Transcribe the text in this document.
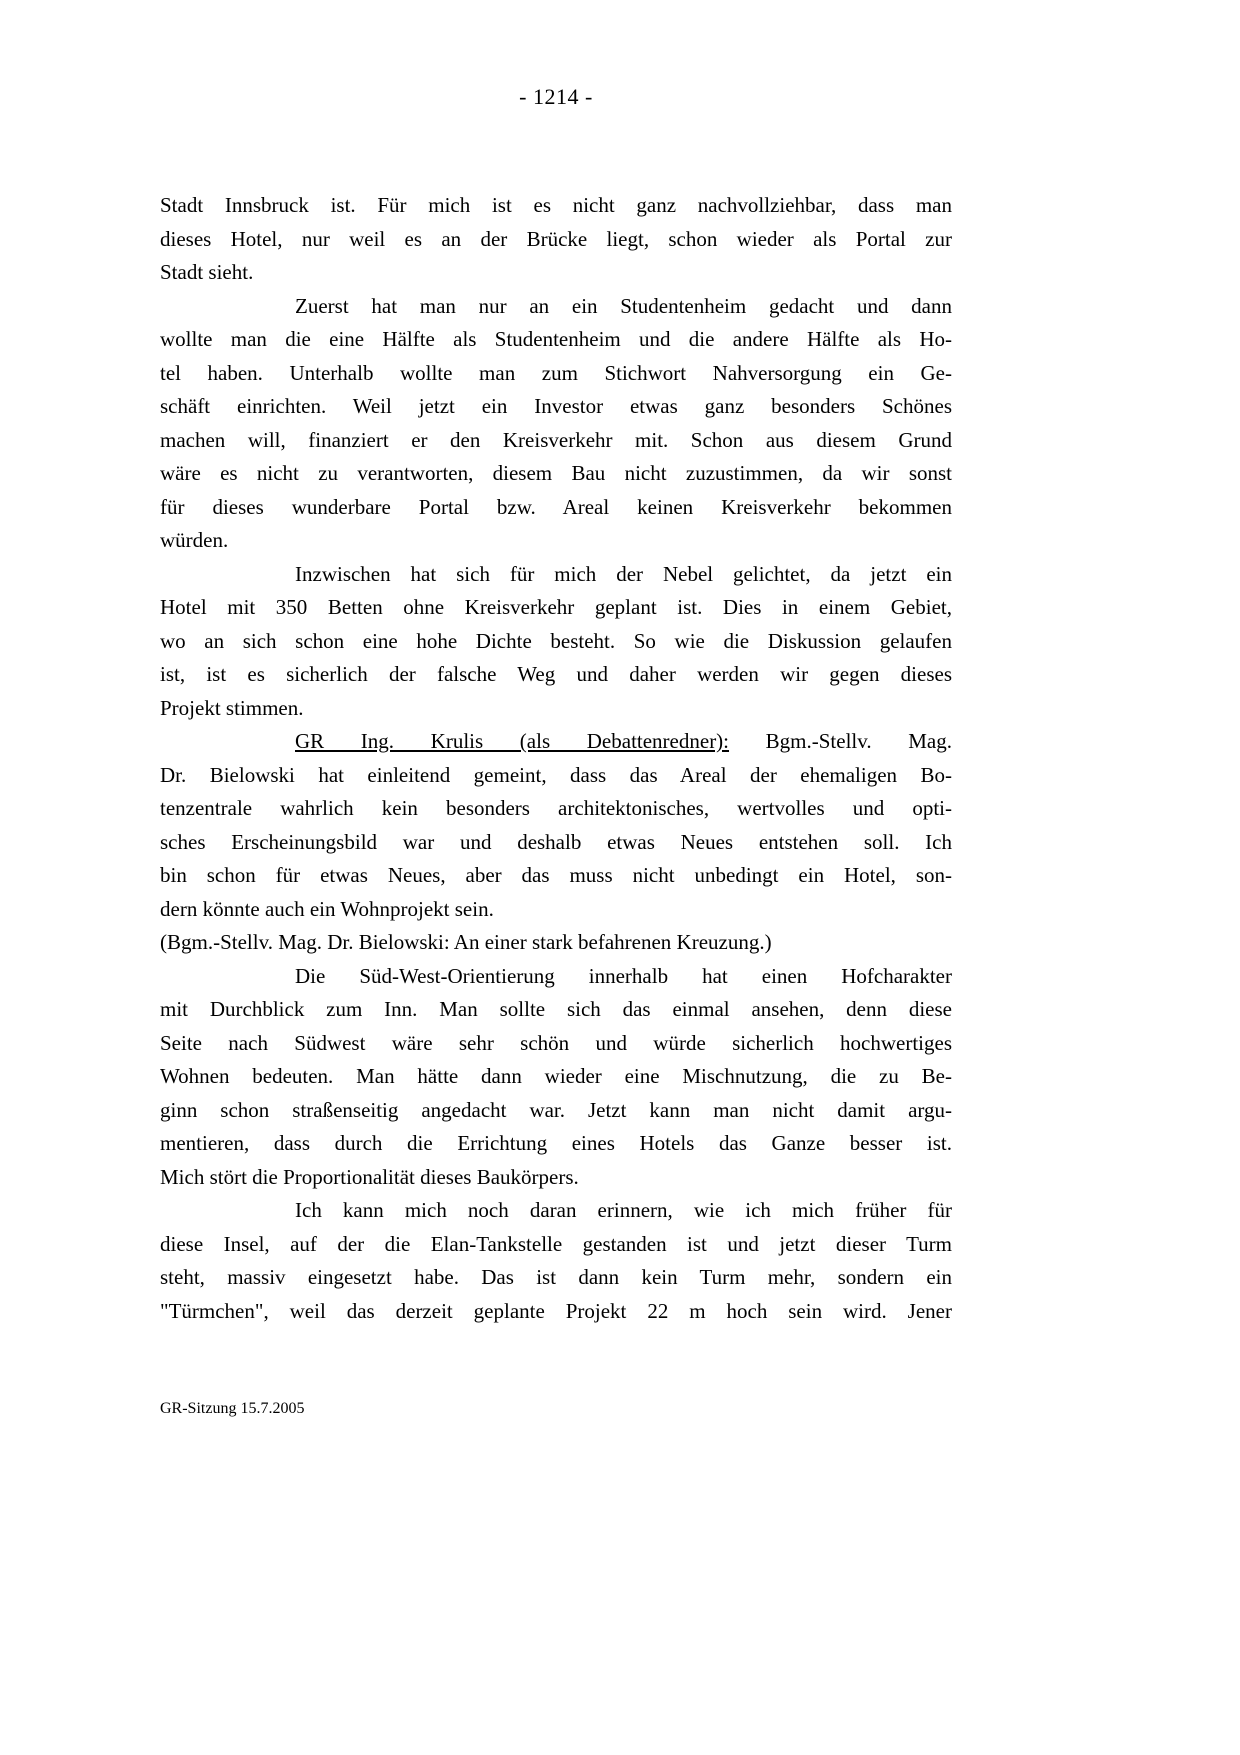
- 1214 -
Stadt Innsbruck ist. Für mich ist es nicht ganz nachvollziehbar, dass man
dieses Hotel, nur weil es an der Brücke liegt, schon wieder als Portal zur
Stadt sieht.
Zuerst hat man nur an ein Studentenheim gedacht und dann
wollte man die eine Hälfte als Studentenheim und die andere Hälfte als Ho-
tel haben. Unterhalb wollte man zum Stichwort Nahversorgung ein Ge-
schäft einrichten. Weil jetzt ein Investor etwas ganz besonders Schönes
machen will, finanziert er den Kreisverkehr mit. Schon aus diesem Grund
wäre es nicht zu verantworten, diesem Bau nicht zuzustimmen, da wir sonst
für dieses wunderbare Portal bzw. Areal keinen Kreisverkehr bekommen
würden.
Inzwischen hat sich für mich der Nebel gelichtet, da jetzt ein
Hotel mit 350 Betten ohne Kreisverkehr geplant ist. Dies in einem Gebiet,
wo an sich schon eine hohe Dichte besteht. So wie die Diskussion gelaufen
ist, ist es sicherlich der falsche Weg und daher werden wir gegen dieses
Projekt stimmen.
GR Ing. Krulis (als Debattenredner): Bgm.-Stellv. Mag.
Dr. Bielowski hat einleitend gemeint, dass das Areal der ehemaligen Bo-
tenzentrale wahrlich kein besonders architektonisches, wertvolles und opti-
sches Erscheinungsbild war und deshalb etwas Neues entstehen soll. Ich
bin schon für etwas Neues, aber das muss nicht unbedingt ein Hotel, son-
dern könnte auch ein Wohnprojekt sein.
(Bgm.-Stellv. Mag. Dr. Bielowski: An einer stark befahrenen Kreuzung.)
Die Süd-West-Orientierung innerhalb hat einen Hofcharakter
mit Durchblick zum Inn. Man sollte sich das einmal ansehen, denn diese
Seite nach Südwest wäre sehr schön und würde sicherlich hochwertiges
Wohnen bedeuten. Man hätte dann wieder eine Mischnutzung, die zu Be-
ginn schon straßenseitig angedacht war. Jetzt kann man nicht damit argu-
mentieren, dass durch die Errichtung eines Hotels das Ganze besser ist.
Mich stört die Proportionalität dieses Baukörpers.
Ich kann mich noch daran erinnern, wie ich mich früher für
diese Insel, auf der die Elan-Tankstelle gestanden ist und jetzt dieser Turm
steht, massiv eingesetzt habe. Das ist dann kein Turm mehr, sondern ein
"Türmchen", weil das derzeit geplante Projekt 22 m hoch sein wird. Jener
GR-Sitzung 15.7.2005
